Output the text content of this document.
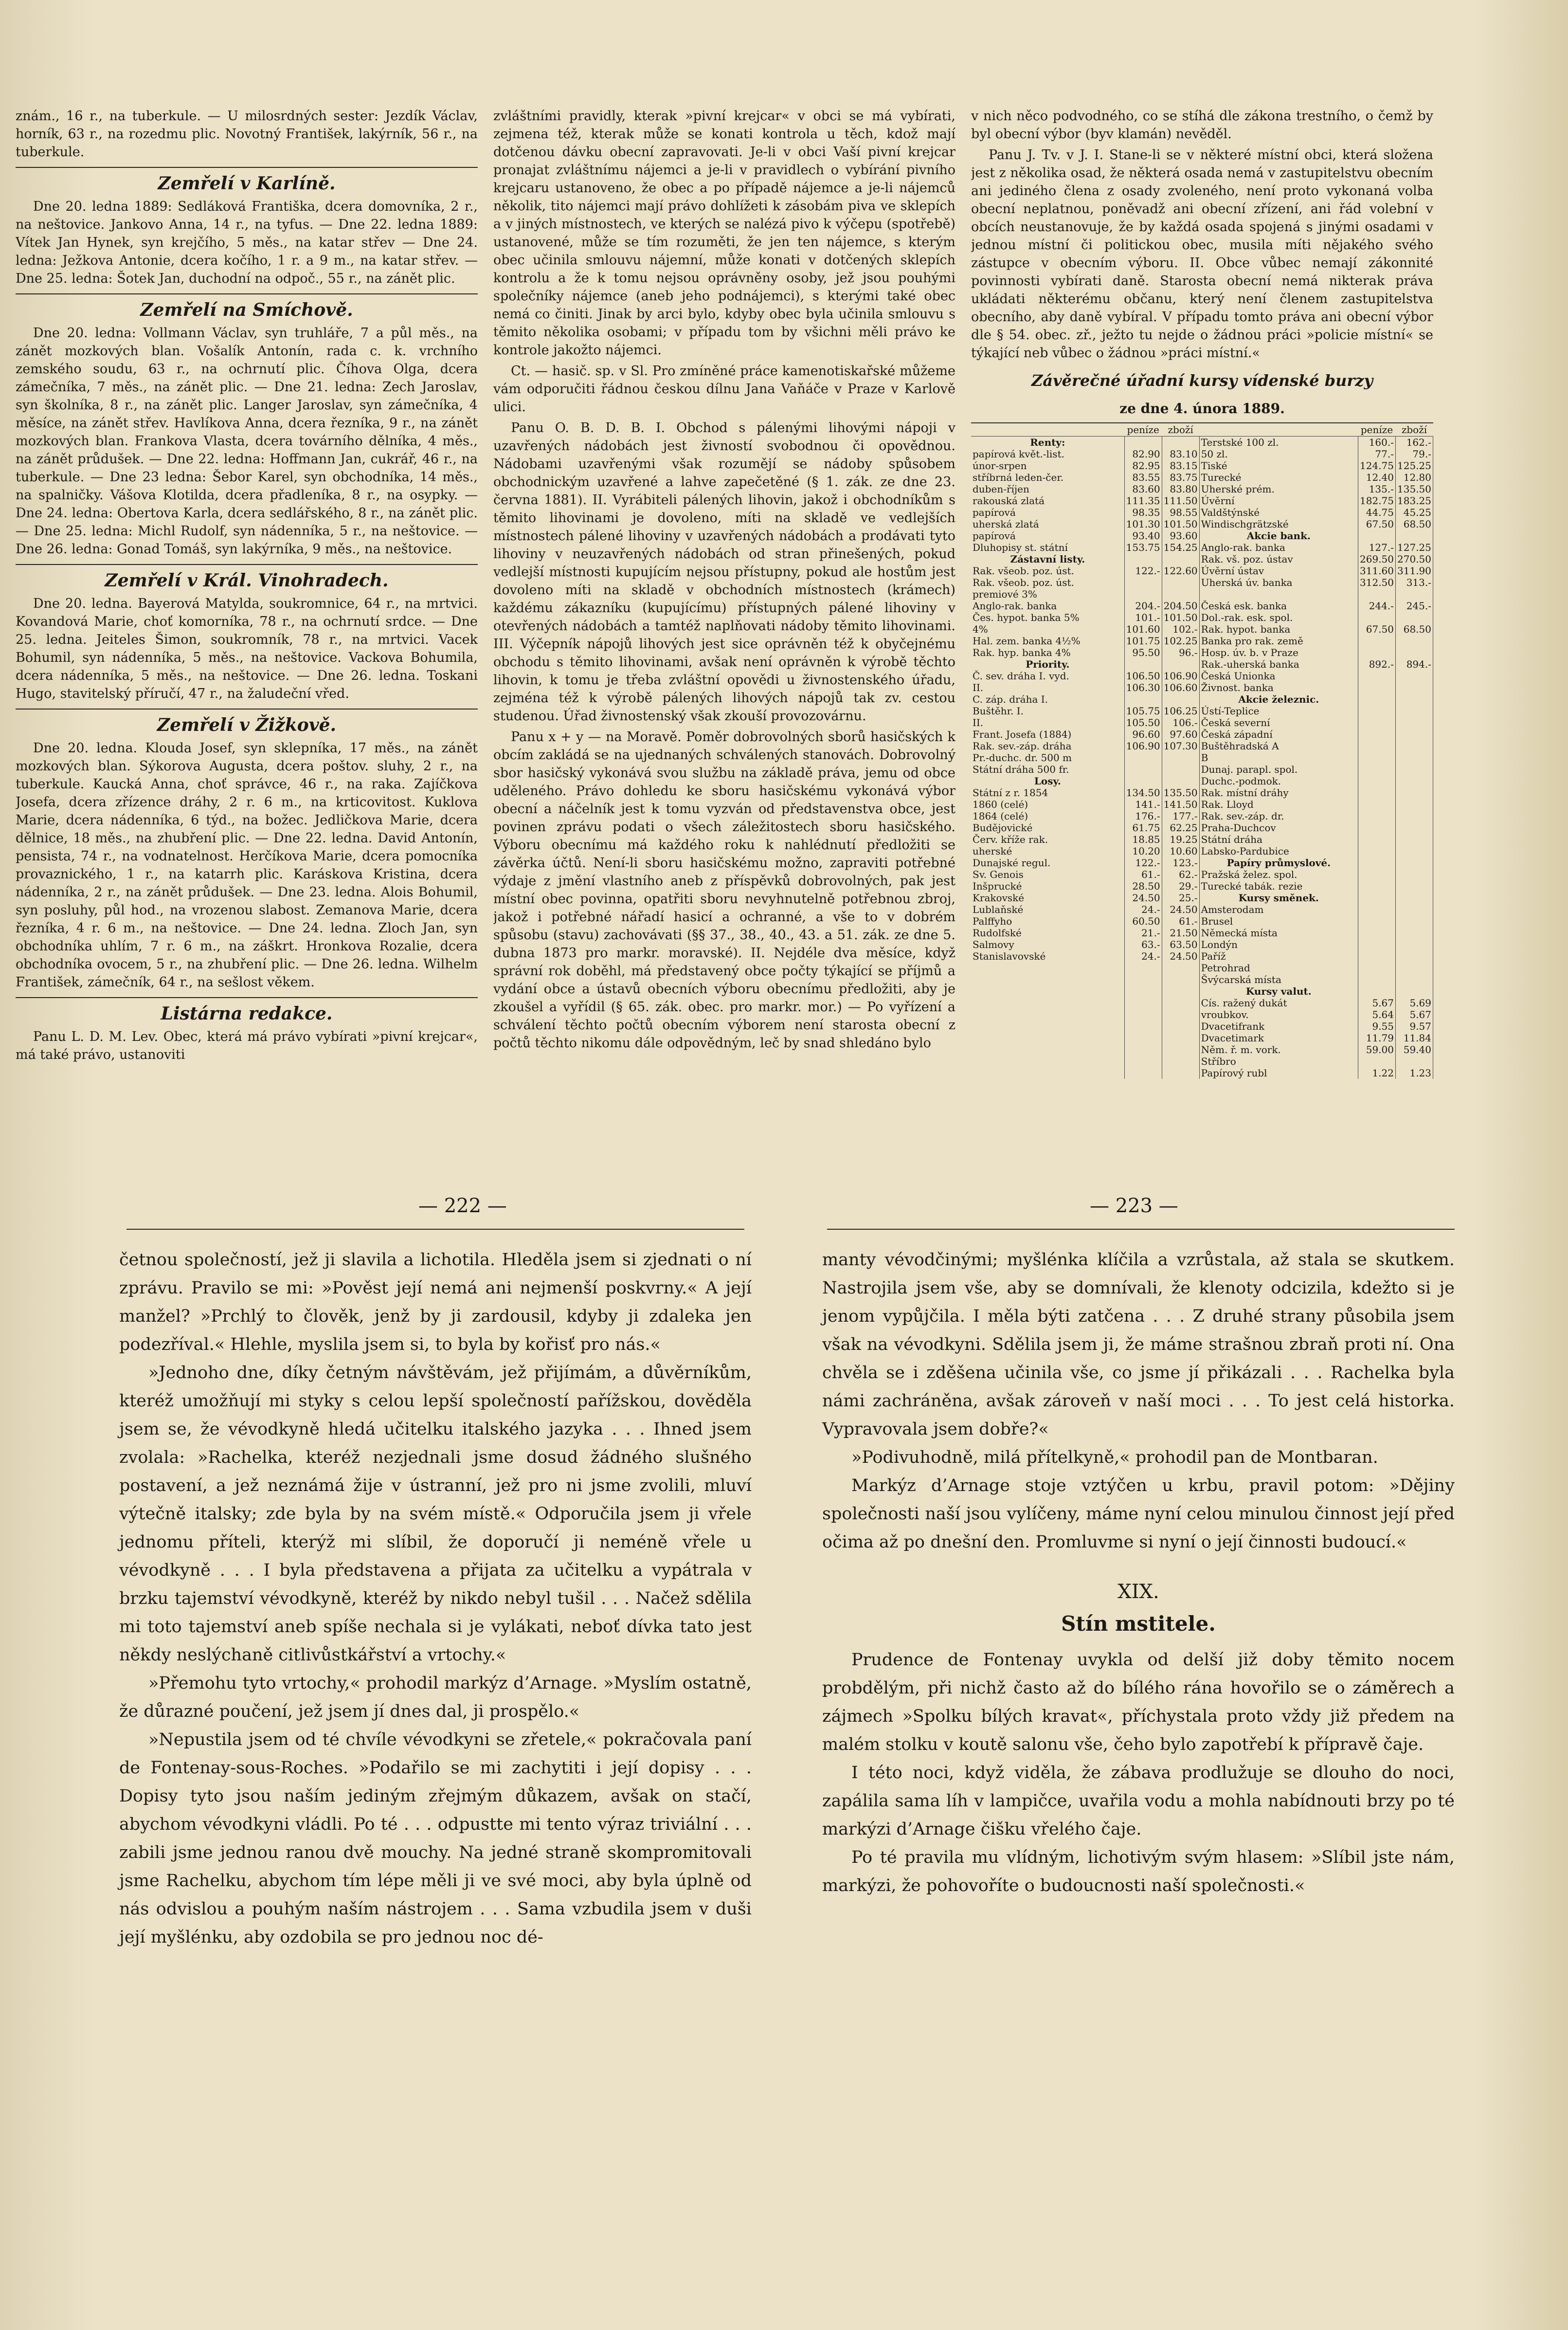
znám., 16 r., na tuberkule. — U milosrdných sester: Jezdík Václav, horník, 63 r., na rozedmu plic. Novotný František, lakýrník, 56 r., na tuberkule.

Zemřelí v Karlíně.

Dne 20. ledna 1889: Sedláková Františka, dcera domovníka, 2 r., na neštovice. Jankovo Anna, 14 r., na tyfus. — Dne 22. ledna 1889: Vítek Jan Hynek, syn krejčího, 5 měs., na katar střev — Dne 24. ledna: Ježkova Antonie, dcera kočího, 1 r. a 9 m., na katar střev. — Dne 25. ledna: Šotek Jan, duchodní na odpoč., 55 r., na zánět plic.

Zemřelí na Smíchově.

Dne 20. ledna: Vollmann Václav, syn truhláře, 7 a půl měs., na zánět mozkových blan. Vošalík Antonín, rada c. k. vrchního zemského soudu, 63 r., na ochrnutí plic. Číhova Olga, dcera zámečníka, 7 měs., na zánět plic. — Dne 21. ledna: Zech Jaroslav, syn školníka, 8 r., na zánět plic. Langer Jaroslav, syn zámečníka, 4 měsíce, na zánět střev. Havlíkova Anna, dcera řezníka, 9 r., na zánět mozkových blan. Frankova Vlasta, dcera továrního dělníka, 4 měs., na zánět průdušek. — Dne 22. ledna: Hoffmann Jan, cukrář, 46 r., na tuberkule. — Dne 23 ledna: Šebor Karel, syn obchodníka, 14 měs., na spalničky. Vášova Klotilda, dcera přadleníka, 8 r., na osypky. — Dne 24. ledna: Obertova Karla, dcera sedlářského, 8 r., na zánět plic. — Dne 25. ledna: Michl Rudolf, syn nádenníka, 5 r., na neštovice. — Dne 26. ledna: Gonad Tomáš, syn lakýrníka, 9 měs., na neštovice.

Zemřelí v Král. Vinohradech.

Dne 20. ledna. Bayerová Matylda, soukromnice, 64 r., na mrtvici. Kovandová Marie, choť komorníka, 78 r., na ochrnutí srdce. — Dne 25. ledna. Jeiteles Šimon, soukromník, 78 r., na mrtvici. Vacek Bohumil, syn nádenníka, 5 měs., na neštovice. Vackova Bohumila, dcera nádenníka, 5 měs., na neštovice. — Dne 26. ledna. Toskani Hugo, stavitelský příručí, 47 r., na žaludeční vřed.

Zemřelí v Žižkově.

Dne 20. ledna. Klouda Josef, syn sklepníka, 17 měs., na zánět mozkových blan. Sýkorova Augusta, dcera poštov. sluhy, 2 r., na tuberkule. Kaucká Anna, choť správce, 46 r., na raka. Zajíčkova Josefa, dcera zřízence dráhy, 2 r. 6 m., na krticovitost. Kuklova Marie, dcera nádenníka, 6 týd., na božec. Jedličkova Marie, dcera dělnice, 18 měs., na zhubření plic. — Dne 22. ledna. David Antonín, pensista, 74 r., na vodnatelnost. Herčíkova Marie, dcera pomocníka provaznického, 1 r., na katarrh plic. Karáskova Kristina, dcera nádenníka, 2 r., na zánět průdušek. — Dne 23. ledna. Alois Bohumil, syn posluhy, půl hod., na vrozenou slabost. Zemanova Marie, dcera řezníka, 4 r. 6 m., na neštovice. — Dne 24. ledna. Zloch Jan, syn obchodníka uhlím, 7 r. 6 m., na záškrt. Hronkova Rozalie, dcera obchodníka ovocem, 5 r., na zhubření plic. — Dne 26. ledna. Wilhelm František, zámečník, 64 r., na sešlost věkem.

Listárna redakce.

Panu L. D. M. Lev. Obec, která má právo vybírati »pivní krejcar«, má také právo, ustanoviti

zvláštními pravidly, kterak »pivní krejcar« v obci se má vybírati, zejmena též, kterak může se konati kontrola u těch, kdož mají dotčenou dávku obecní zapravovati. Je-li v obci Vaší pivní krejcar pronajat zvláštnímu nájemci a je-li v pravidlech o vybírání pivního krejcaru ustanoveno, že obec a po případě nájemce a je-li nájemců několik, tito nájemci mají právo dohlížeti k zásobám piva ve sklepích a v jiných místnostech, ve kterých se nalézá pivo k výčepu (spotřebě) ustanovené, může se tím rozuměti, že jen ten nájemce, s kterým obec učinila smlouvu nájemní, může konati v dotčených sklepích kontrolu a že k tomu nejsou oprávněny osoby, jež jsou pouhými společníky nájemce (aneb jeho podnájemci), s kterými také obec nemá co činiti. Jinak by arci bylo, kdyby obec byla učinila smlouvu s těmito několika osobami; v případu tom by všichni měli právo ke kontrole jakožto nájemci.

Ct. — hasič. sp. v Sl. Pro zmíněné práce kamenotiskařské můžeme vám odporučiti řádnou českou dílnu Jana Vaňáče v Praze v Karlově ulici.

Panu O. B. D. B. I. Obchod s pálenými lihovými nápoji v uzavřených nádobách jest živností svobodnou či opovědnou. Nádobami uzavřenými však rozumějí se nádoby spůsobem obchodnickým uzavřené a lahve zapečetěné (§ 1. zák. ze dne 23. června 1881). II. Vyrábiteli pálených lihovin, jakož i obchodníkům s těmito lihovinami je dovoleno, míti na skladě ve vedlejších místnostech pálené lihoviny v uzavřených nádobách a prodávati tyto lihoviny v neuzavřených nádobách od stran přinešených, pokud vedlejší místnosti kupujícím nejsou přístupny, pokud ale hostům jest dovoleno míti na skladě v obchodních místnostech (krámech) každému zákazníku (kupujícímu) přístupných pálené lihoviny v otevřených nádobách a tamtéž naplňovati nádoby těmito lihovinami. III. Výčepník nápojů lihových jest sice oprávněn též k obyčejnému obchodu s těmito lihovinami, avšak není oprávněn k výrobě těchto lihovin, k tomu je třeba zvláštní opovědi u živnostenského úřadu, zejména též k výrobě pálených lihových nápojů tak zv. cestou studenou. Úřad živnostenský však zkouší provozovárnu.

Panu x + y — na Moravě. Poměr dobrovolných sborů hasičských k obcím zakládá se na ujednaných schválených stanovách. Dobrovolný sbor hasičský vykonává svou službu na základě práva, jemu od obce uděleného. Právo dohledu ke sboru hasičskému vykonává výbor obecní a náčelník jest k tomu vyzván od představenstva obce, jest povinen zprávu podati o všech záležitostech sboru hasičského. Výboru obecnímu má každého roku k nahlédnutí předložiti se závěrka účtů. Není-li sboru hasičskému možno, zapraviti potřebné výdaje z jmění vlastního aneb z příspěvků dobrovolných, pak jest místní obec povinna, opatřiti sboru nevyhnutelně potřebnou zbroj, jakož i potřebné nářadí hasicí a ochranné, a vše to v dobrém spůsobu (stavu) zachovávati (§§ 37., 38., 40., 43. a 51. zák. ze dne 5. dubna 1873 pro markr. moravské). II. Nejdéle dva měsíce, když správní rok doběhl, má představený obce počty týkající se příjmů a vydání obce a ústavů obecních výboru obecnímu předložiti, aby je zkoušel a vyřídil (§ 65. zák. obec. pro markr. mor.) — Po vyřízení a schválení těchto počtů obecním výborem není starosta obecní z počtů těchto nikomu dále odpovědným, leč by snad shledáno bylo

v nich něco podvodného, co se stíhá dle zákona trestního, o čemž by byl obecní výbor (byv klamán) nevěděl.

Panu J. Tv. v J. I. Stane-li se v některé místní obci, která složena jest z několika osad, že některá osada nemá v zastupitelstvu obecním ani jediného člena z osady zvoleného, není proto vykonaná volba obecní neplatnou, poněvadž ani obecní zřízení, ani řád volební v obcích neustanovuje, že by každá osada spojená s jinými osadami v jednou místní či politickou obec, musila míti nějakého svého zástupce v obecním výboru. II. Obce vůbec nemají zákonnité povinnosti vybírati daně. Starosta obecní nemá nikterak práva ukládati některému občanu, který není členem zastupitelstva obecního, aby daně vybíral. V případu tomto práva ani obecní výbor dle § 54. obec. zř., ježto tu nejde o žádnou práci »policie místní« se týkající neb vůbec o žádnou »práci místní.«

Závěrečné úřadní kursy vídenské burzy
ze dne 4. února 1889.
	peníze	zboží		peníze	zboží
Renty:			Terstské 100 zl.	160.-	162.-
papírová květ.-list.	82.90	83.10	50 zl.	77.-	79.-
únor-srpen	82.95	83.15	Tiské	124.75	125.25
stříbrná leden-čer.	83.55	83.75	Turecké	12.40	12.80
duben-říjen	83.60	83.80	Uherské prém.	135.-	135.50
rakouská zlatá	111.35	111.50	Úvěrní	182.75	183.25
papírová	98.35	98.55	Valdštýnské	44.75	45.25
uherská zlatá	101.30	101.50	Windischgrätzské	67.50	68.50
papírová	93.40	93.60	Akcie bank.		
Dluhopisy st. státní	153.75	154.25	Anglo-rak. banka	127.-	127.25
Zástavní listy.			Rak. vš. poz. ústav	269.50	270.50
Rak. všeob. poz. úst.	122.-	122.60	Úvěrní ústav	311.60	311.90
Rak. všeob. poz. úst. premiové 3%			Uherská úv. banka	312.50	313.-
Anglo-rak. banka	204.-	204.50	Česká esk. banka	244.-	245.-
Čes. hypot. banka 5%	101.-	101.50	Dol.-rak. esk. spol.		
4%	101.60	102.-	Rak. hypot. banka	67.50	68.50
Hal. zem. banka 4½%	101.75	102.25	Banka pro rak. země		
Rak. hyp. banka 4%	95.50	96.-	Hosp. úv. b. v Praze		
Priority.			Rak.-uherská banka	892.-	894.-
Č. sev. dráha I. vyd.	106.50	106.90	Česká Unionka		
II.	106.30	106.60	Živnost. banka		
C. záp. dráha I.			Akcie železnic.		
Buštěhr. I.	105.75	106.25	Ústí-Teplice		
II.	105.50	106.-	Česká severní		
Frant. Josefa (1884)	96.60	97.60	Česká západní		
Rak. sev.-záp. dráha	106.90	107.30	Buštěhradská A		
Pr.-duchc. dr. 500 m			B		
Státní dráha 500 fr.			Dunaj. parapl. spol.		
Losy.			Duchc.-podmok.		
Státní z r. 1854	134.50	135.50	Rak. místní dráhy		
1860 (celé)	141.-	141.50	Rak. Lloyd		
1864 (celé)	176.-	177.-	Rak. sev.-záp. dr.		
Budějovické	61.75	62.25	Praha-Duchcov		
Červ. kříže rak.	18.85	19.25	Státní dráha		
uherské	10.20	10.60	Labsko-Pardubice		
Dunajské regul.	122.-	123.-	Papíry průmyslové.		
Sv. Genois	61.-	62.-	Pražská želez. spol.		
Inšprucké	28.50	29.-	Turecké tabák. rezie		
Krakovské	24.50	25.-	Kursy směnek.		
Lublaňské	24.-	24.50	Amsterodam		
Palffyho	60.50	61.-	Brusel		
Rudolfské	21.-	21.50	Německá místa		
Salmovy	63.-	63.50	Londýn		
Stanislavovské	24.-	24.50	Paříž		
			Petrohrad		
			Švýcarská místa		
			Kursy valut.		
			Cís. ražený dukát	5.67	5.69
			vroubkov.	5.64	5.67
			Dvacetifrank	9.55	9.57
			Dvacetimark	11.79	11.84
			Něm. ř. m. vork.	59.00	59.40
			Stříbro		
			Papírový rubl	1.22	1.23
— 222 —	— 223 —

četnou společností, jež ji slavila a lichotila. Hleděla jsem si zjednati o ní zprávu. Pravilo se mi: »Pověst její nemá ani nejmenší poskvrny.« A její manžel? »Prchlý to člověk, jenž by ji zardousil, kdyby ji zdaleka jen podezříval.« Hlehle, myslila jsem si, to byla by kořisť pro nás.«

»Jednoho dne, díky četným návštěvám, jež přijímám, a důvěrníkům, kteréž umožňují mi styky s celou lepší společností pařížskou, dověděla jsem se, že vévodkyně hledá učitelku italského jazyka . . . Ihned jsem zvolala: »Rachelka, kteréž nezjednali jsme dosud žádného slušného postavení, a jež neznámá žije v ústranní, jež pro ni jsme zvolili, mluví výtečně italsky; zde byla by na svém místě.« Odporučila jsem ji vřele jednomu příteli, kterýž mi slíbil, že doporučí ji neméně vřele u vévodkyně . . . I byla představena a přijata za učitelku a vypátrala v brzku tajemství vévodkyně, kteréž by nikdo nebyl tušil . . . Načež sdělila mi toto tajemství aneb spíše nechala si je vylákati, neboť dívka tato jest někdy neslýchaně citlivůstkářství a vrtochy.«

»Přemohu tyto vrtochy,« prohodil markýz d’Arnage. »Myslím ostatně, že důrazné poučení, jež jsem jí dnes dal, ji prospělo.«

»Nepustila jsem od té chvíle vévodkyni se zřetele,« pokračovala paní de Fontenay-sous-Roches. »Podařilo se mi zachytiti i její dopisy . . . Dopisy tyto jsou naším jediným zřejmým důkazem, avšak on stačí, abychom vévodkyni vládli. Po té . . . odpustte mi tento výraz triviální . . . zabili jsme jednou ranou dvě mouchy. Na jedné straně skompromitovali jsme Rachelku, abychom tím lépe měli ji ve své moci, aby byla úplně od nás odvislou a pouhým naším nástrojem . . . Sama vzbudila jsem v duši její myšlénku, aby ozdobila se pro jednou noc dé-

manty vévodčinými; myšlénka klíčila a vzrůstala, až stala se skutkem. Nastrojila jsem vše, aby se domnívali, že klenoty odcizila, kdežto si je jenom vypůjčila. I měla býti zatčena . . . Z druhé strany působila jsem však na vévodkyni. Sdělila jsem ji, že máme strašnou zbraň proti ní. Ona chvěla se i zděšena učinila vše, co jsme jí přikázali . . . Rachelka byla námi zachráněna, avšak zároveň v naší moci . . . To jest celá historka. Vypravovala jsem dobře?«

»Podivuhodně, milá přítelkyně,« prohodil pan de Montbaran.

Markýz d’Arnage stoje vztýčen u krbu, pravil potom: »Dějiny společnosti naší jsou vylíčeny, máme nyní celou minulou činnost její před očima až po dnešní den. Promluvme si nyní o její činnosti budoucí.«

XIX.
Stín mstitele.

Prudence de Fontenay uvykla od delší již doby těmito nocem probdělým, při nichž často až do bílého rána hovořilo se o záměrech a zájmech »Spolku bílých kravat«, příchystala proto vždy již předem na malém stolku v koutě salonu vše, čeho bylo zapotřebí k přípravě čaje.

I této noci, když viděla, že zábava prodlužuje se dlouho do noci, zapálila sama líh v lampičce, uvařila vodu a mohla nabídnouti brzy po té markýzi d’Arnage čišku vřelého čaje.

Po té pravila mu vlídným, lichotivým svým hlasem: »Slíbil jste nám, markýzi, že pohovoříte o budoucnosti naší společnosti.«
